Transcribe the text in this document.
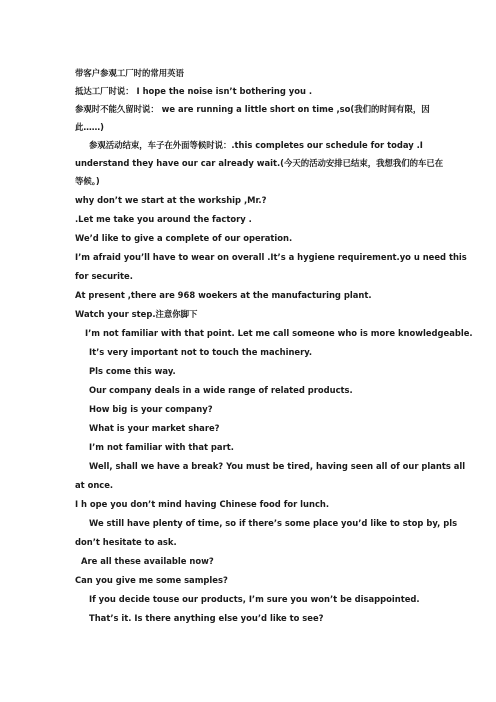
带客户参观工厂时的常用英语
抵达工厂时说： I hope the noise isn’t bothering you .
参观时不能久留时说： we are running a little short on time ,so(我们的时间有限，因
此……)
参观活动结束，车子在外面等候时说：.this completes our schedule for today .I
understand they have our car already wait.(今天的活动安排已结束，我想我们的车已在
等候。)
why don’t we start at the workship ,Mr.?
.Let me take you around the factory .
We’d like to give a complete of our operation.
I’m afraid you’ll have to wear on overall .It’s a hygiene requirement.yo u need this
for securite.
At present ,there are 968 woekers at the manufacturing plant.
Watch your step.注意你脚下
I’m not familiar with that point. Let me call someone who is more knowledgeable.
It’s very important not to touch the machinery.
Pls come this way.
Our company deals in a wide range of related products.
How big is your company?
What is your market share?
I’m not familiar with that part.
Well, shall we have a break? You must be tired, having seen all of our plants all
at once.
I h ope you don’t mind having Chinese food for lunch.
We still have plenty of time, so if there’s some place you’d like to stop by, pls
don’t hesitate to ask.
Are all these available now?
Can you give me some samples?
If you decide touse our products, I’m sure you won’t be disappointed.
That’s it. Is there anything else you’d like to see?
